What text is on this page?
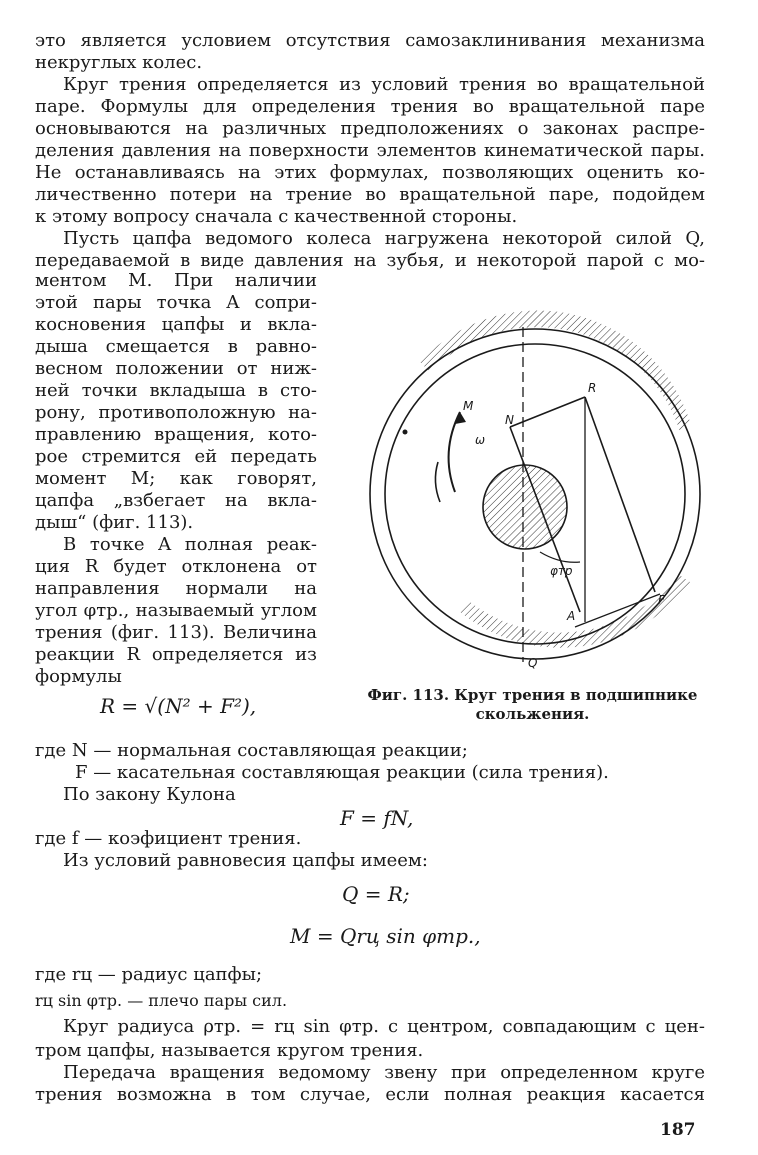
это является условием отсутствия самозаклинивания механизма
некруглых колес.
Круг трения определяется из условий трения во вращательной
паре. Формулы для определения трения во вращательной паре
основываются на различных предположениях о законах распре-
деления давления на поверхности элементов кинематической пары.
Не останавливаясь на этих формулах, позволяющих оценить ко-
личественно потери на трение во вращательной паре, подойдем
к этому вопросу сначала с качественной стороны.
Пусть цапфа ведомого колеса нагружена некоторой силой Q,
передаваемой в виде давления на зубья, и некоторой парой с мо-
ментом M. При наличии
этой пары точка A сопри-
косновения цапфы и вкла-
дыша смещается в равно-
весном положении от ниж-
ней точки вкладыша в сто-
рону, противоположную на-
правлению вращения, кото-
рое стремится ей передать
момент M; как говорят,
цапфа „взбегает на вкла-
дыш“ (фиг. 113).
В точке A полная реак-
ция R будет отклонена от
направления нормали на
угол φтр., называемый углом
трения (фиг. 113). Величина
реакции R определяется из
формулы
R = √(N² + F²),
R
M
ω
N
φтр
A
F
Q
Фиг. 113. Круг трения в подшипнике
скольжения.
где N — нормальная составляющая реакции;
F — касательная составляющая реакции (сила трения).
По закону Кулона
F = fN,
где f — коэфициент трения.
Из условий равновесия цапфы имеем:
Q = R;
M = Qrц sin φтр.,
где rц — радиус цапфы;
rц sin φтр. — плечо пары сил.
Круг радиуса ρтр. = rц sin φтр. с центром, совпадающим с цен-
тром цапфы, называется кругом трения.
Передача вращения ведомому звену при определенном круге
трения возможна в том случае, если полная реакция касается
187
